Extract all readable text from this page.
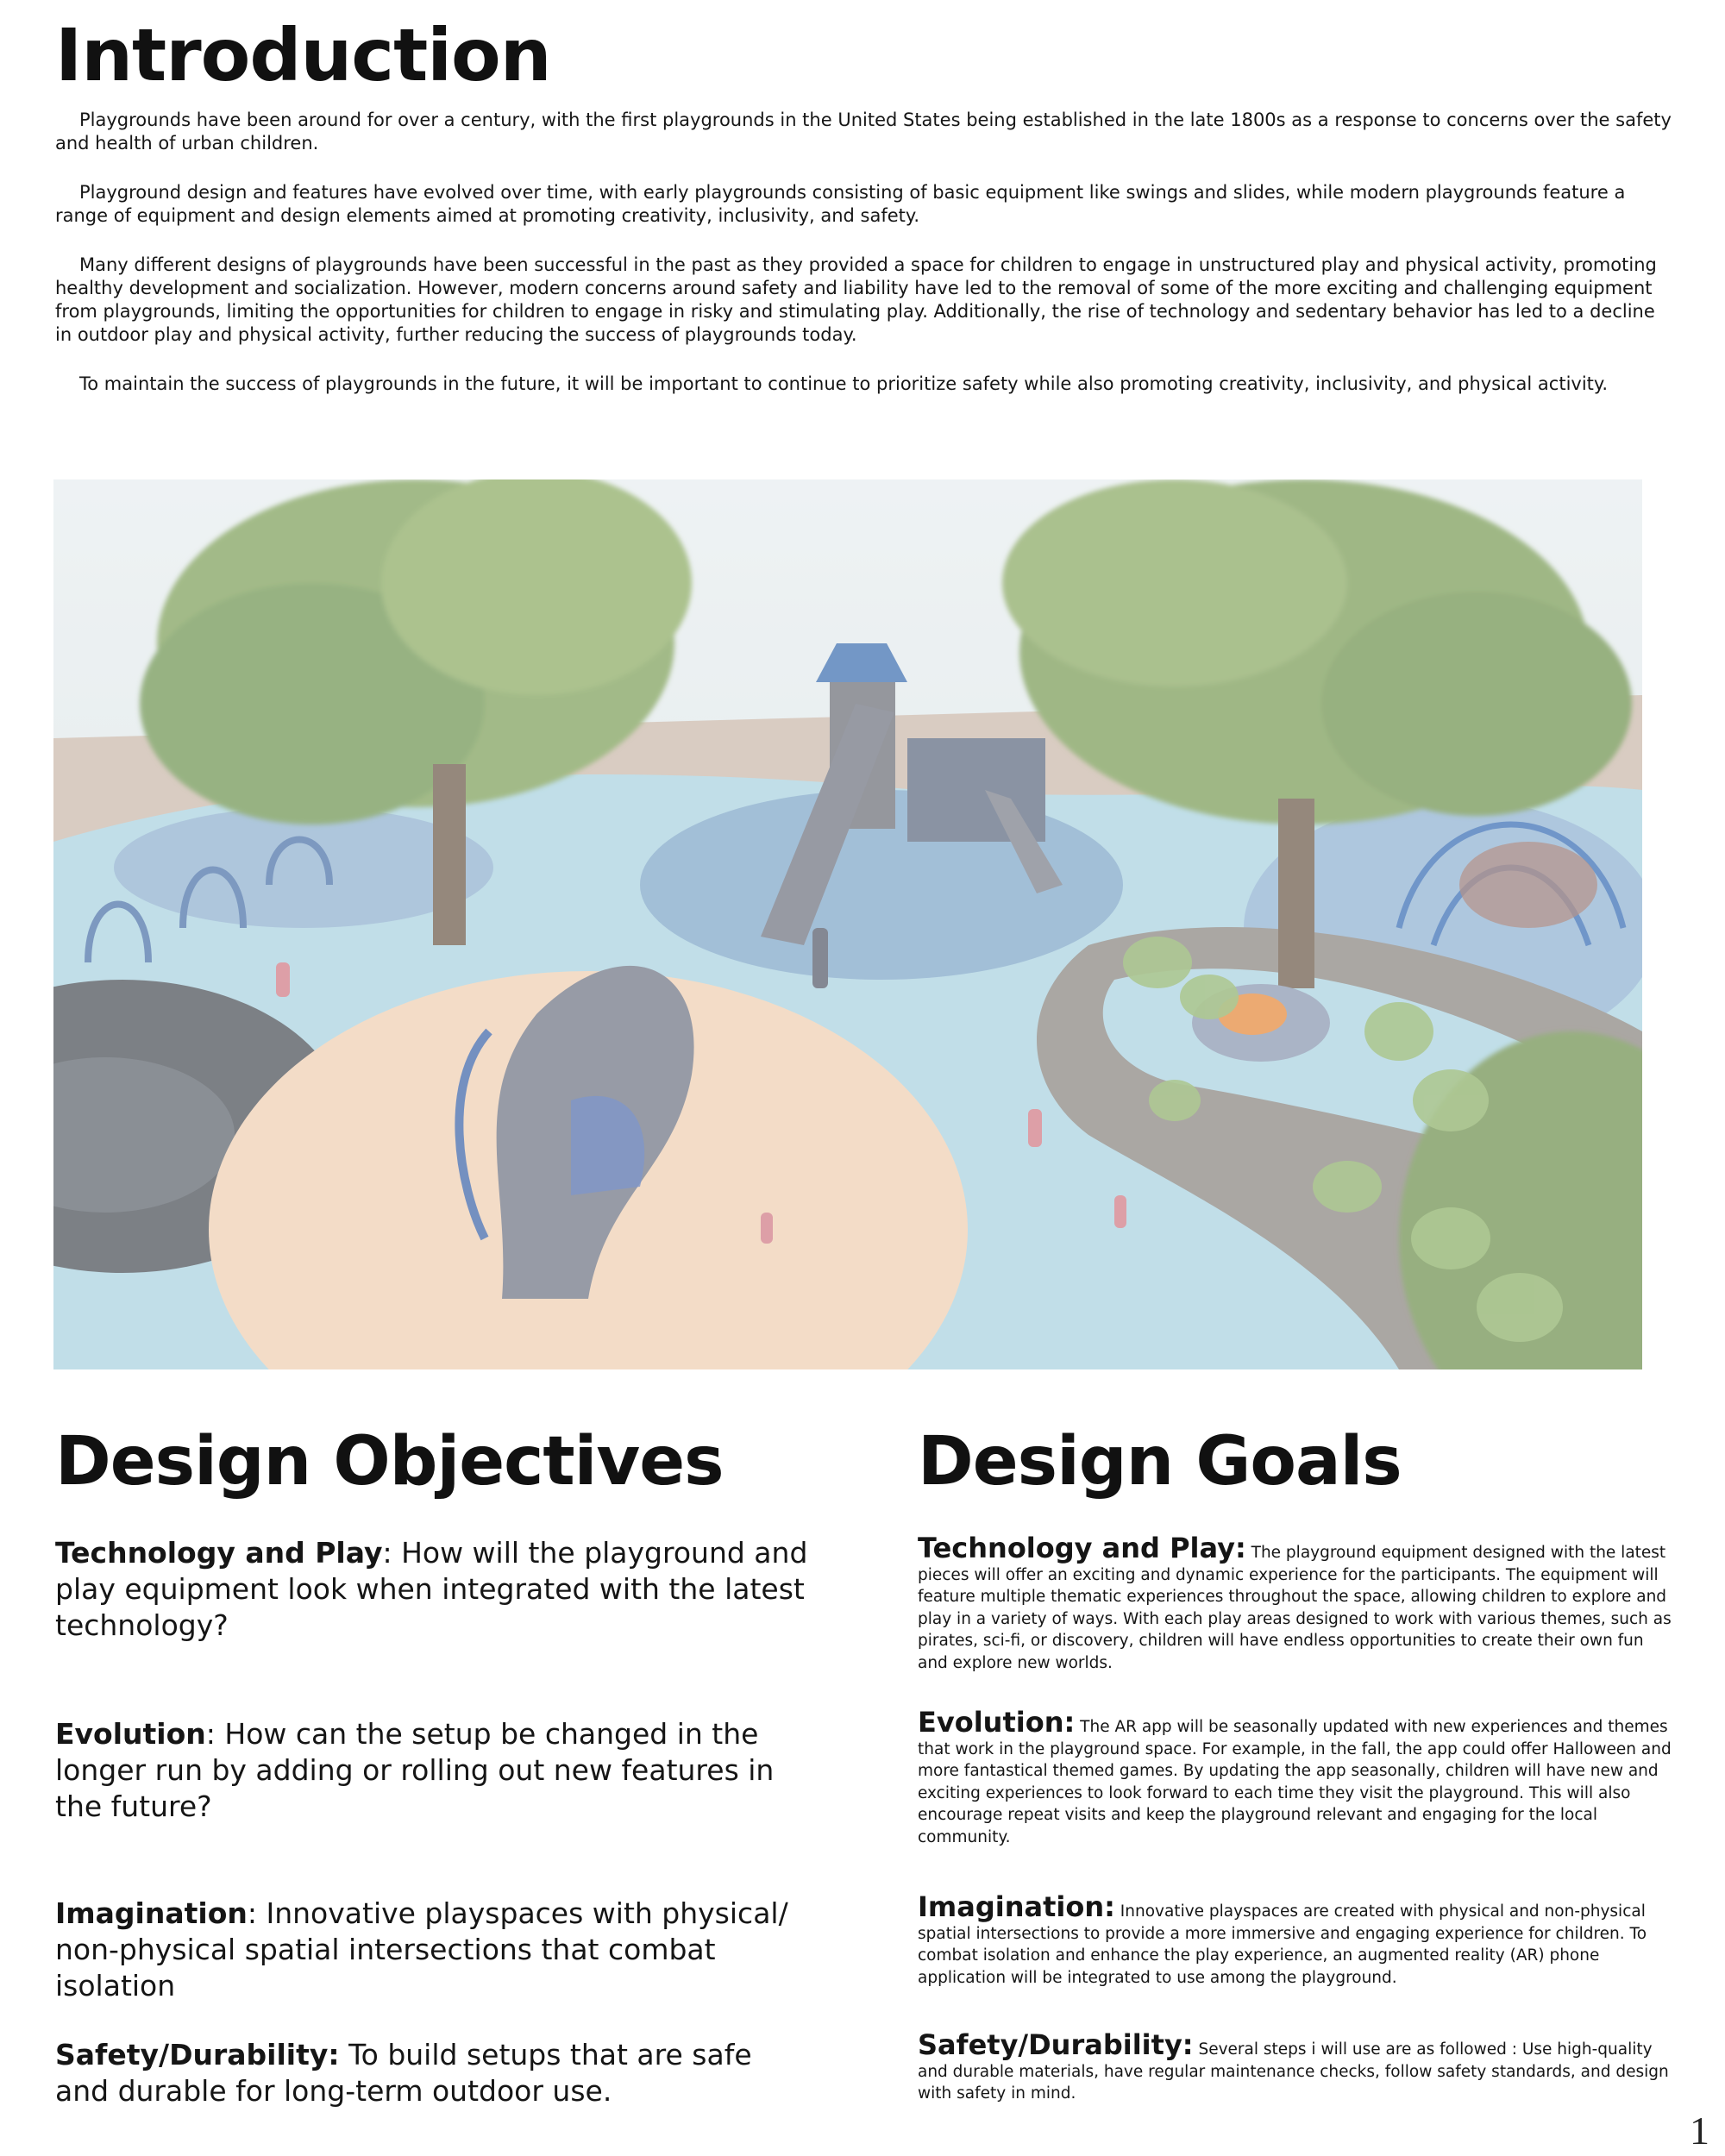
Introduction

Playgrounds have been around for over a century, with the first playgrounds in the United States being established in the late 1800s as a response to concerns over the safety and health of urban children.

Playground design and features have evolved over time, with early playgrounds consisting of basic equipment like swings and slides, while modern playgrounds feature a range of equipment and design elements aimed at promoting creativity, inclusivity, and safety.

Many different designs of playgrounds have been successful in the past as they provided a space for children to engage in unstructured play and physical activity, promoting healthy development and socialization. However, modern concerns around safety and liability have led to the removal of some of the more exciting and challenging equipment from playgrounds, limiting the opportunities for children to engage in risky and stimulating play. Additionally, the rise of technology and sedentary behavior has led to a decline in outdoor play and physical activity, further reducing the success of playgrounds today.

To maintain the success of playgrounds in the future, it will be important to continue to prioritize safety while also promoting creativity, inclusivity, and physical activity.

Design Objectives	Design Goals
Technology and Play: How will the playground and play equipment look when integrated with the latest technology?
Evolution: How can the setup be changed in the longer run by adding or rolling out new features in the future?
Imagination: Innovative playspaces with physical/ non-physical spatial intersections that combat isolation
Safety/Durability: To build setups that are safe and durable for long-term outdoor use.
Technology and Play: The playground equipment designed with the latest pieces will offer an exciting and dynamic experience for the participants. The equipment will feature multiple thematic experiences throughout the space, allowing children to explore and play in a variety of ways. With each play areas designed to work with various themes, such as pirates, sci-fi, or discovery, children will have endless opportunities to create their own fun and explore new worlds.
Evolution: The AR app will be seasonally updated with new experiences and themes that work in the playground space. For example, in the fall, the app could offer Halloween and more fantastical themed games. By updating the app seasonally, children will have new and exciting experiences to look forward to each time they visit the playground. This will also encourage repeat visits and keep the playground relevant and engaging for the local community.
Imagination: Innovative playspaces are created with physical and non-physical spatial intersections to provide a more immersive and engaging experience for children. To combat isolation and enhance the play experience, an augmented reality (AR) phone application will be integrated to use among the playground.
Safety/Durability: Several steps i will use are as followed : Use high-quality and durable materials, have regular maintenance checks, follow safety standards, and design with safety in mind.
1
